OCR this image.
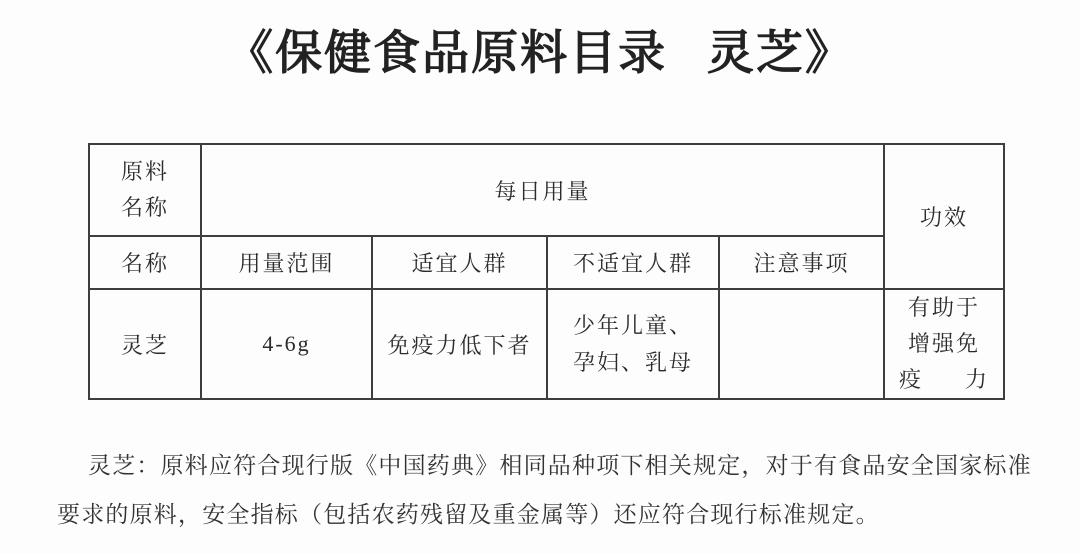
《保健食品原料目录 灵芝》
原料名称	每日用量				功效
名称	用量范围	适宜人群	不适宜人群	注意事项	
灵芝	4-6g	免疫力低下者	少年儿童、孕妇、乳母		有助于增强免疫力
灵芝：原料应符合现行版《中国药典》相同品种项下相关规定，对于有食品安全国家标准
要求的原料，安全指标（包括农药残留及重金属等）还应符合现行标准规定。
